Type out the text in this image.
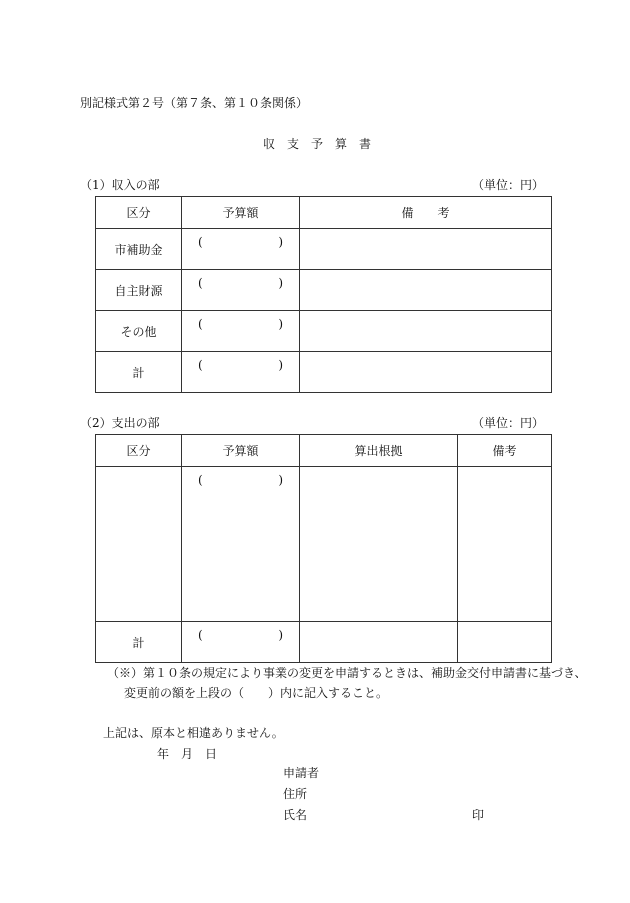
別記様式第２号（第７条、第１０条関係）
収　支　予　算　書
（1）収入の部	（単位：円）
区分	予算額	備　　考
市補助金	( )	

自主財源	( )	

その他	( )	

計	( )	

（2）支出の部	（単位：円）
区分	予算額	算出根拠	備考

	( )		

計	( )		

（※）第１０条の規定により事業の変更を申請するときは、補助金交付申請書に基づき、
変更前の額を上段の（　　）内に記入すること。
上記は、原本と相違ありません。
年　月　日
申請者
住所
氏名	印
